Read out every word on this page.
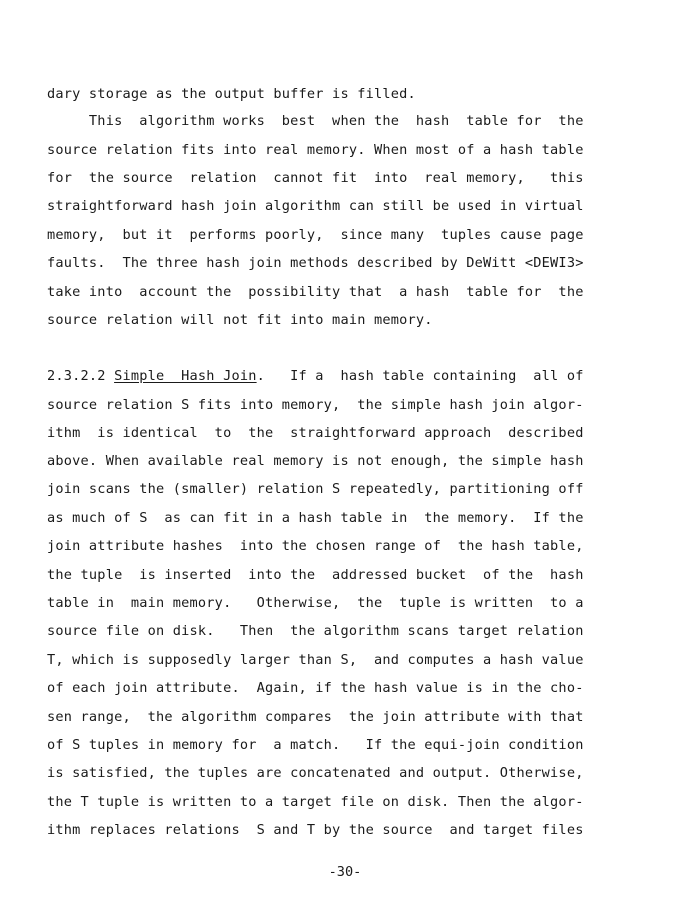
dary storage as the output buffer is filled.
This  algorithm works  best  when the  hash  table for  the
source relation fits into real memory. When most of a hash table
for  the source  relation  cannot fit  into  real memory,   this
straightforward hash join algorithm can still be used in virtual
memory,  but it  performs poorly,  since many  tuples cause page
faults.  The three hash join methods described by DeWitt <DEWI3>
take into  account the  possibility that  a hash  table for  the
source relation will not fit into main memory.
2.3.2.2 Simple  Hash Join.   If a  hash table containing  all of
source relation S fits into memory,  the simple hash join algor-
ithm  is identical  to  the  straightforward approach  described
above. When available real memory is not enough, the simple hash
join scans the (smaller) relation S repeatedly, partitioning off
as much of S  as can fit in a hash table in  the memory.  If the
join attribute hashes  into the chosen range of  the hash table,
the tuple  is inserted  into the  addressed bucket  of the  hash
table in  main memory.   Otherwise,  the  tuple is written  to a
source file on disk.   Then  the algorithm scans target relation
T, which is supposedly larger than S,  and computes a hash value
of each join attribute.  Again, if the hash value is in the cho-
sen range,  the algorithm compares  the join attribute with that
of S tuples in memory for  a match.   If the equi-join condition
is satisfied, the tuples are concatenated and output. Otherwise,
the T tuple is written to a target file on disk. Then the algor-
ithm replaces relations  S and T by the source  and target files
-30-
